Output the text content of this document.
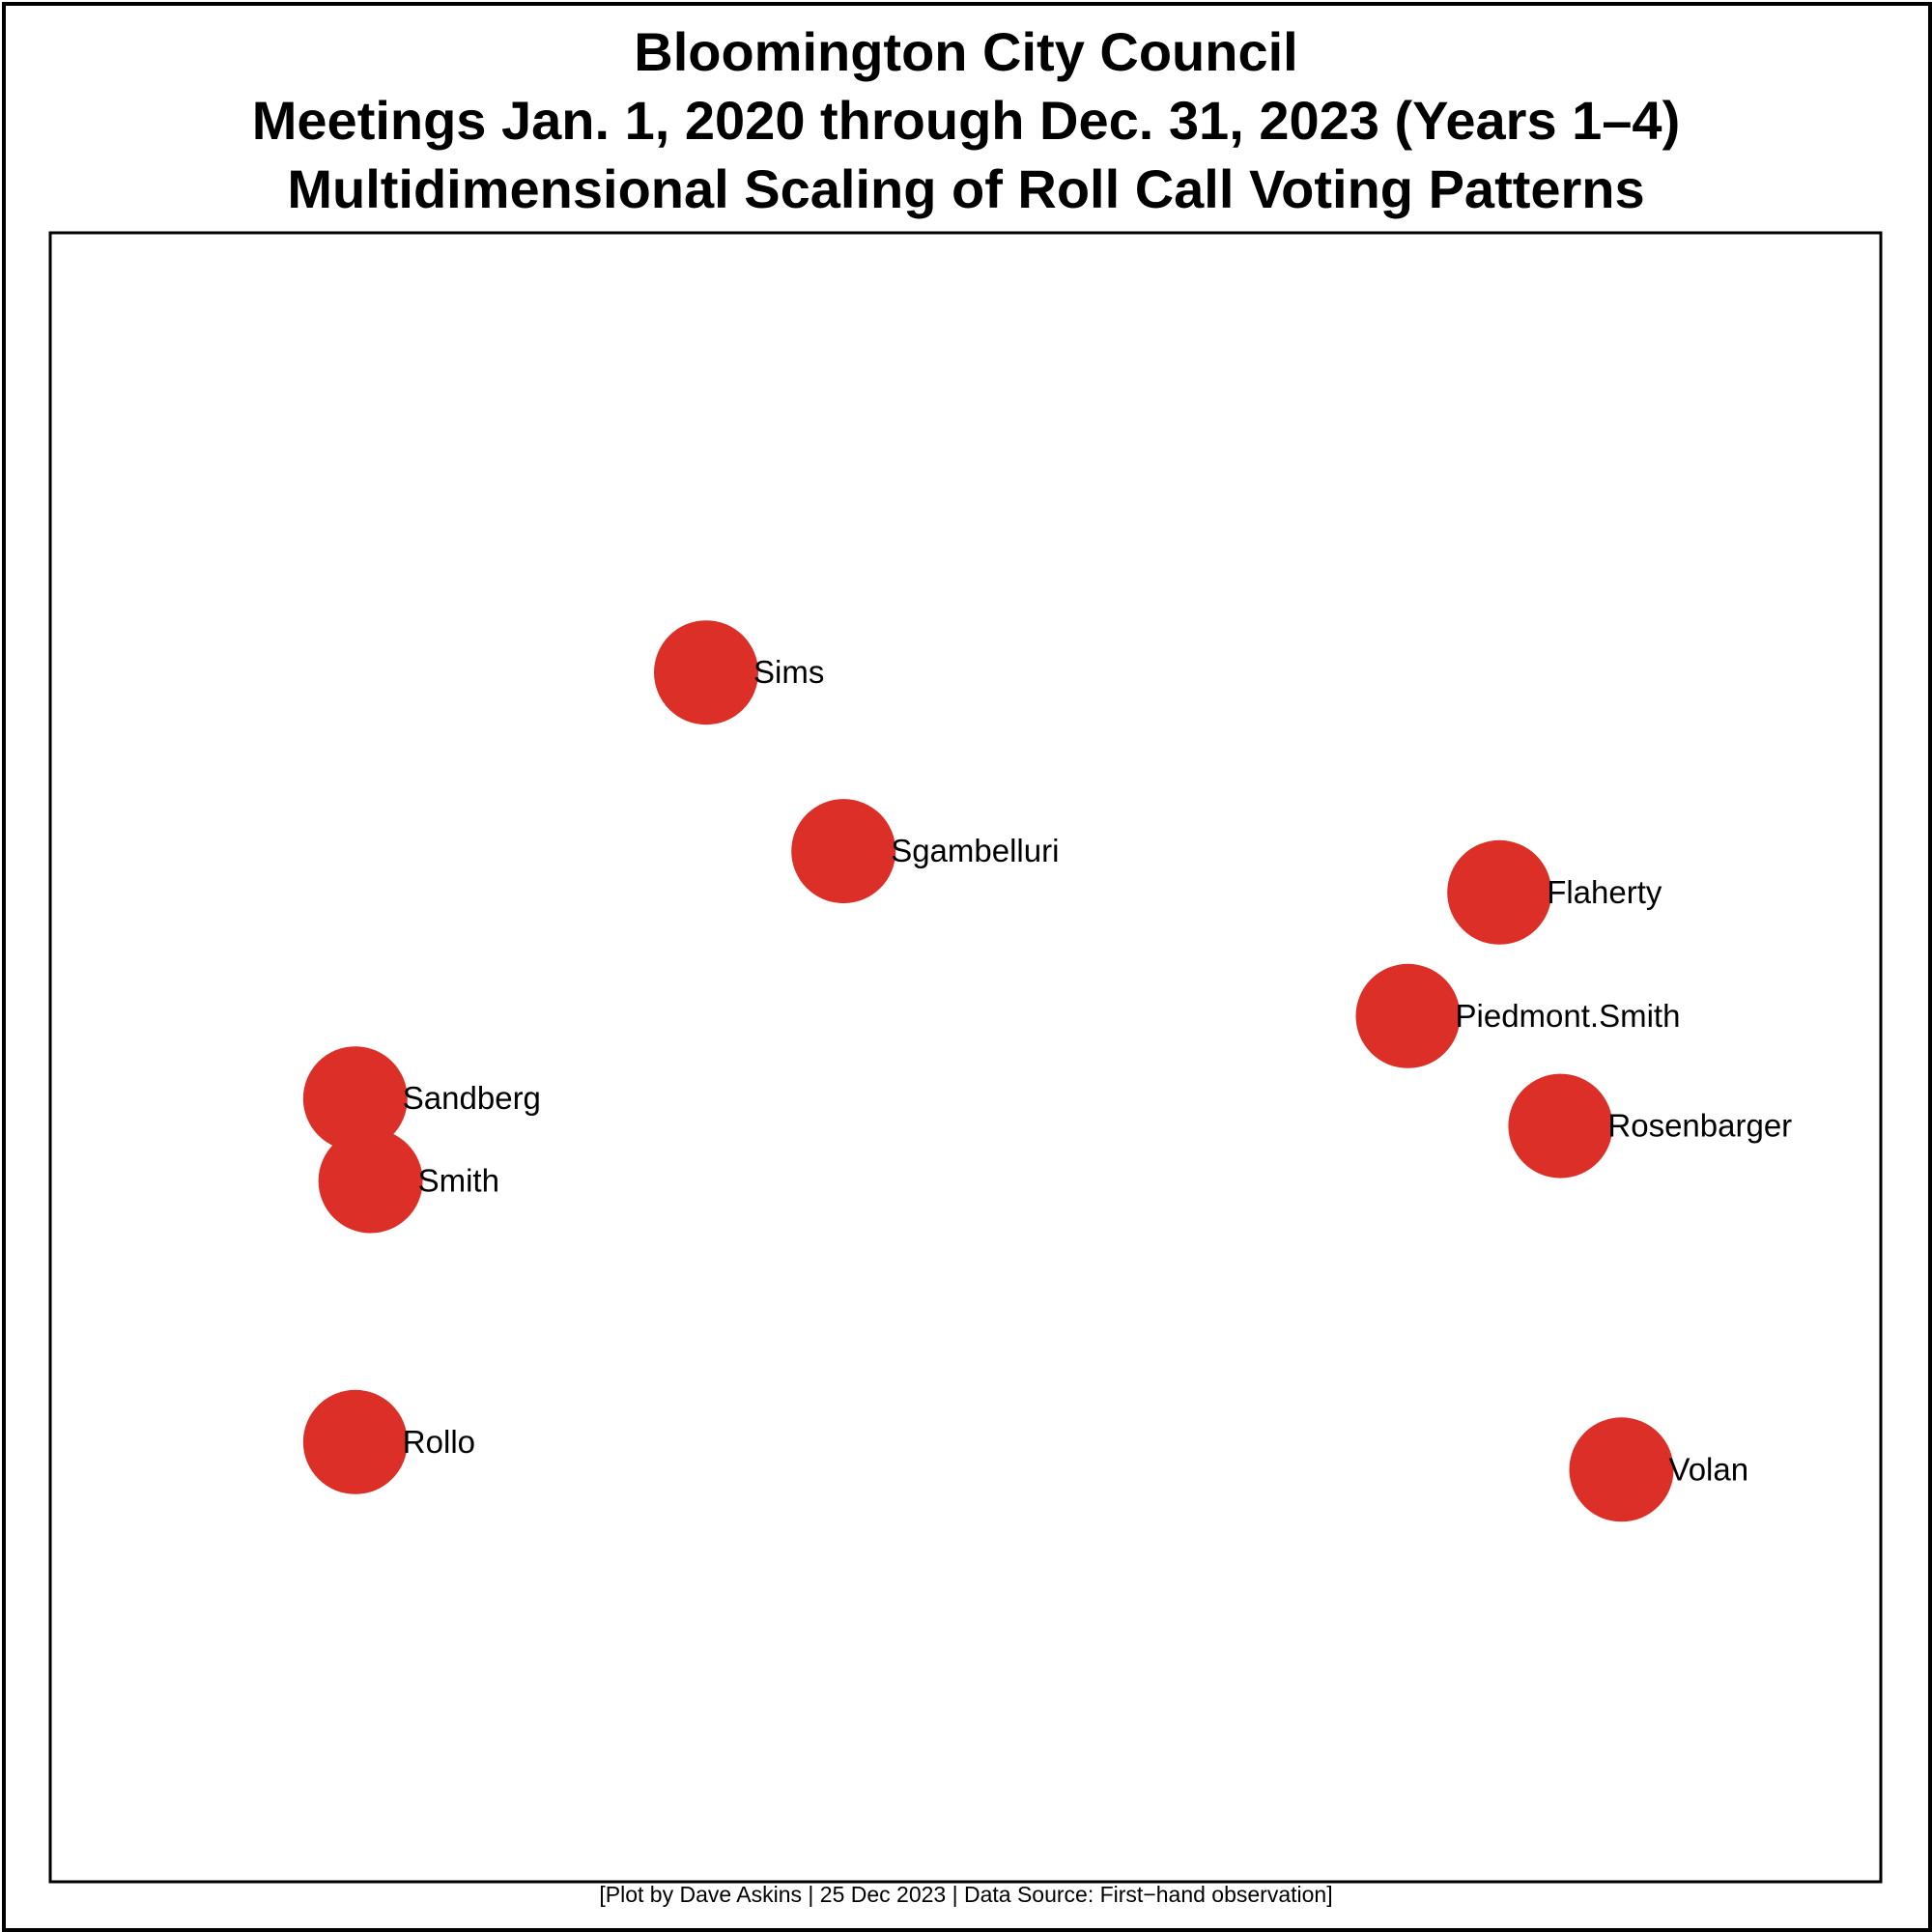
Bloomington City Council
Meetings Jan. 1, 2020 through Dec. 31, 2023 (Years 1–4)
Multidimensional Scaling of Roll Call Voting Patterns
Sims
Sgambelluri
Flaherty
Piedmont.Smith
Rosenbarger
Sandberg
Smith
Rollo
Volan
[Plot by Dave Askins | 25 Dec 2023 | Data Source: First−hand observation]
